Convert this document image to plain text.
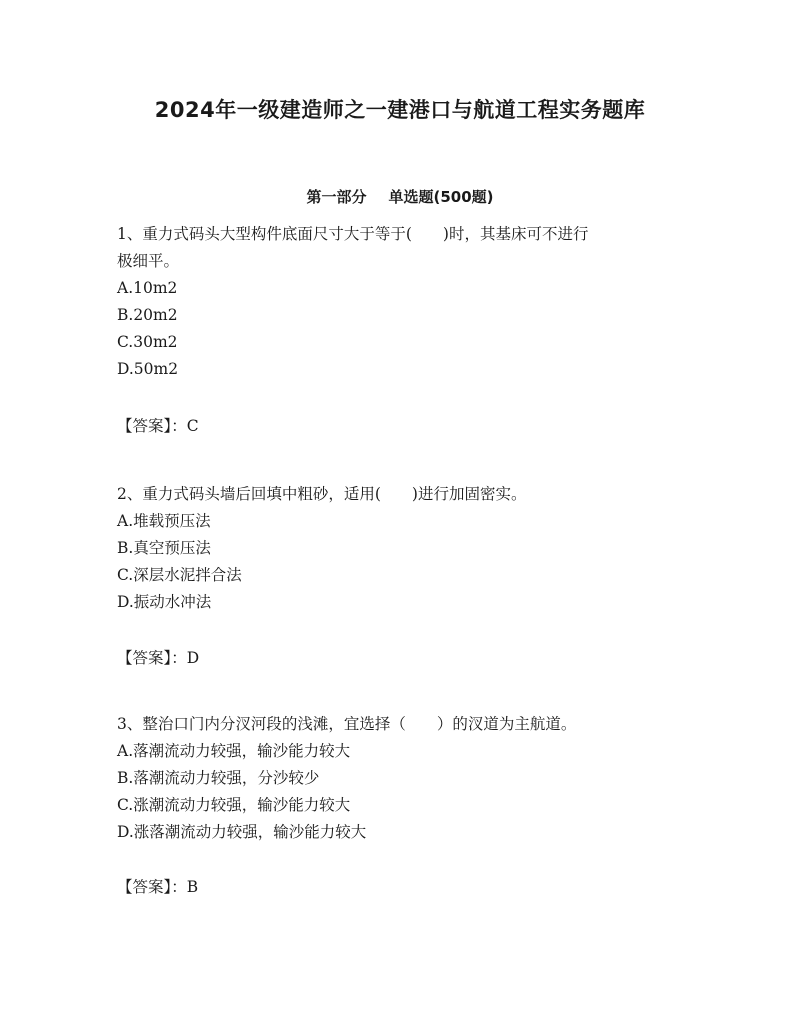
2024年一级建造师之一建港口与航道工程实务题库
第一部分 单选题(500题)
1、重力式码头大型构件底面尺寸大于等于(　　)时，其基床可不进行
极细平。
A.10m2
B.20m2
C.30m2
D.50m2
【答案】：C
2、重力式码头墙后回填中粗砂，适用(　　)进行加固密实。
A.堆载预压法
B.真空预压法
C.深层水泥拌合法
D.振动水冲法
【答案】：D
3、整治口门内分汊河段的浅滩，宜选择（　　）的汊道为主航道。
A.落潮流动力较强，输沙能力较大
B.落潮流动力较强，分沙较少
C.涨潮流动力较强，输沙能力较大
D.涨落潮流动力较强，输沙能力较大
【答案】：B
